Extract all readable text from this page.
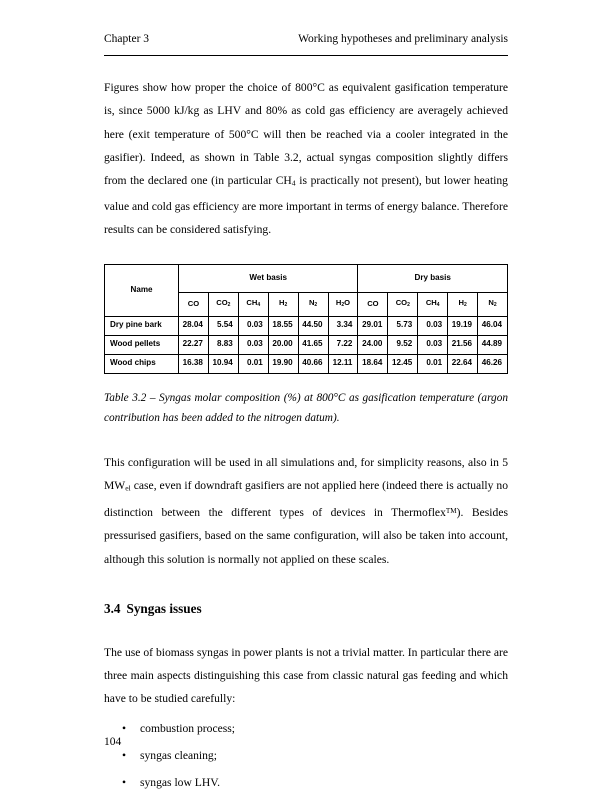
Chapter 3	Working hypotheses and preliminary analysis

Figures show how proper the choice of 800°C as equivalent gasification temperature is, since 5000 kJ/kg as LHV and 80% as cold gas efficiency are averagely achieved here (exit temperature of 500°C will then be reached via a cooler integrated in the gasifier). Indeed, as shown in Table 3.2, actual syngas composition slightly differs from the declared one (in particular $CH_4$ is practically not present), but lower heating value and cold gas efficiency are more important in terms of energy balance. Therefore results can be considered satisfying.

Name	Wet basis						Dry basis				
	CO	$CO_2$	$CH_4$	$H_2$	$N_2$	$H_2O$	CO	$CO_2$	$CH_4$	$H_2$	$N_2$
Dry pine bark	28.04	5.54	0.03	18.55	44.50	3.34	29.01	5.73	0.03	19.19	46.04
Wood pellets	22.27	8.83	0.03	20.00	41.65	7.22	24.00	9.52	0.03	21.56	44.89
Wood chips	16.38	10.94	0.01	19.90	40.66	12.11	18.64	12.45	0.01	22.64	46.26

Table 3.2 – Syngas molar composition (%) at 800°C as gasification temperature (argon contribution has been added to the nitrogen datum).

This configuration will be used in all simulations and, for simplicity reasons, also in 5 $MW_{el}$ case, even if downdraft gasifiers are not applied here (indeed there is actually no distinction between the different types of devices in Thermoflex™). Besides pressurised gasifiers, based on the same configuration, will also be taken into account, although this solution is normally not applied on these scales.

3.4 Syngas issues

The use of biomass syngas in power plants is not a trivial matter. In particular there are three main aspects distinguishing this case from classic natural gas feeding and which have to be studied carefully:

• combustion process;
• syngas cleaning;
• syngas low LHV.
104
